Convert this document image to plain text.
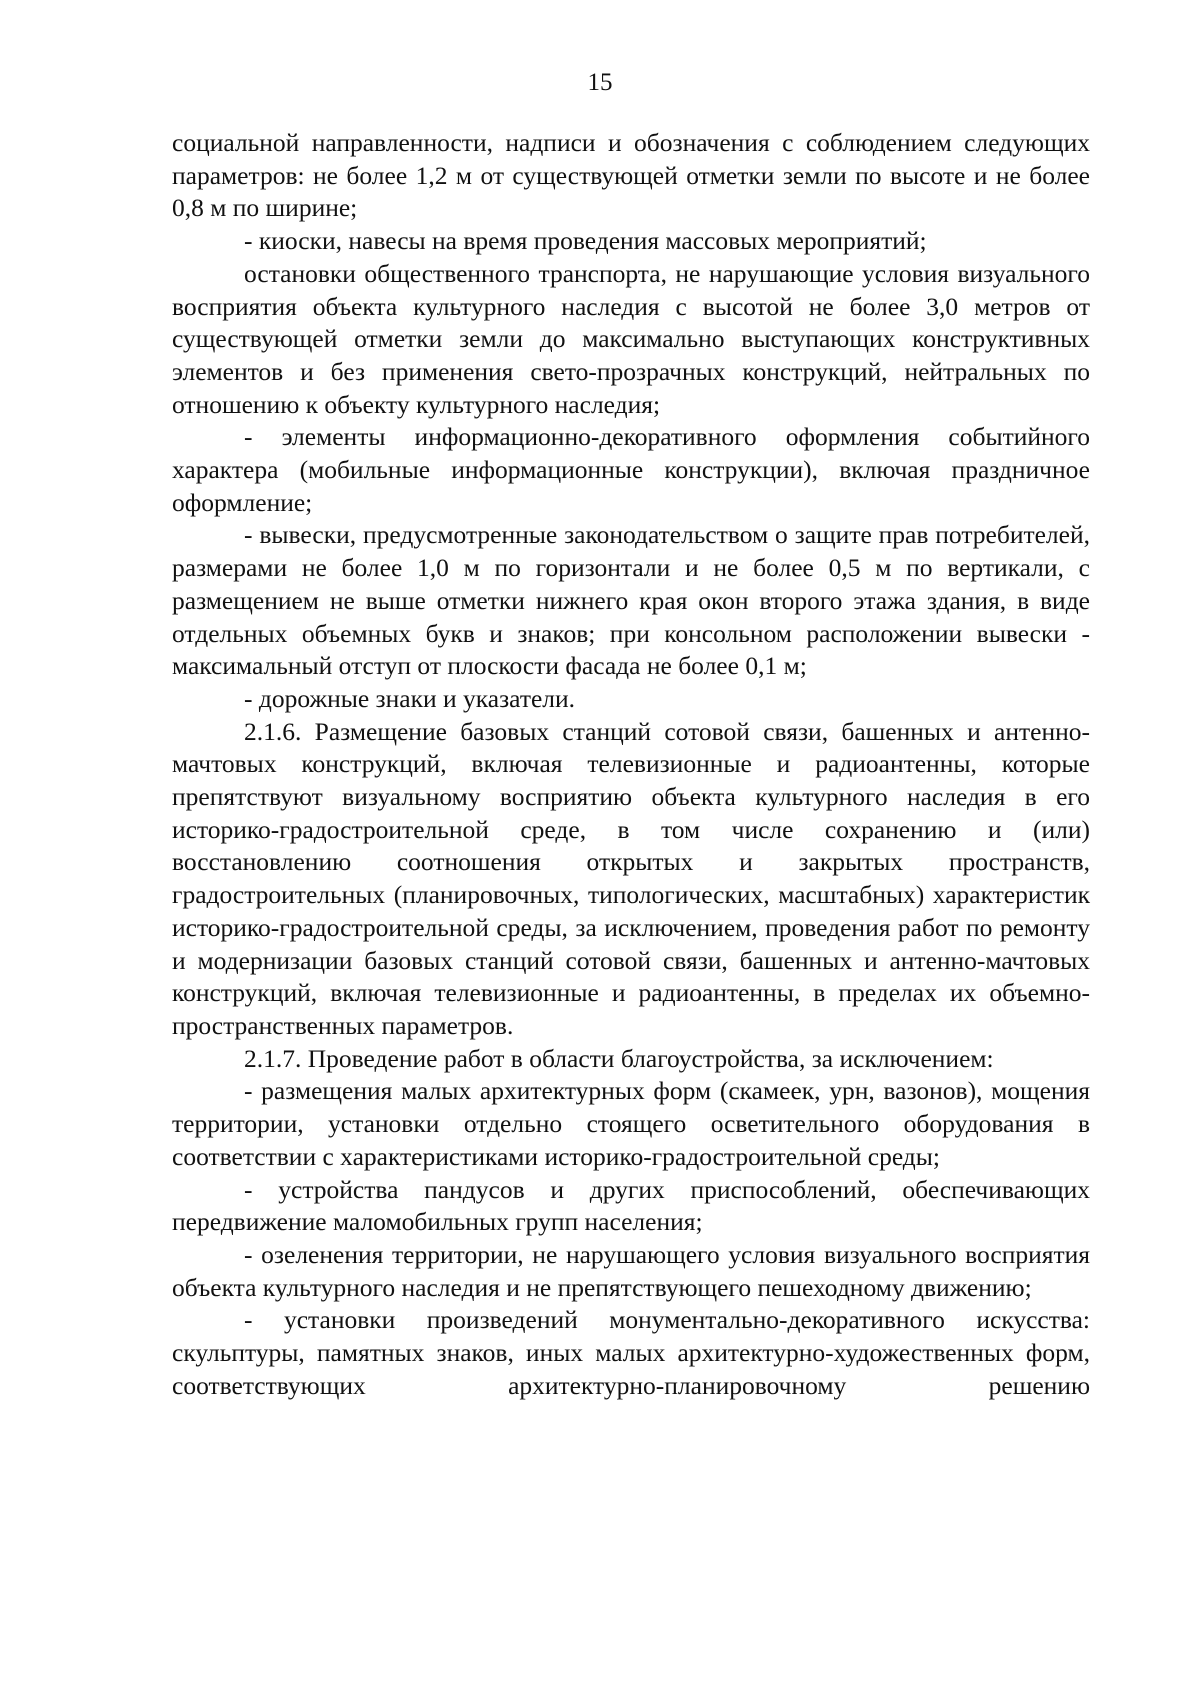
15

социальной направленности, надписи и обозначения с соблюдением следующих параметров: не более 1,2 м от существующей отметки земли по высоте и не более 0,8 м по ширине;

- киоски, навесы на время проведения массовых мероприятий;

остановки общественного транспорта, не нарушающие условия визуального восприятия объекта культурного наследия с высотой не более 3,0 метров от существующей отметки земли до максимально выступающих конструктивных элементов и без применения свето-прозрачных конструкций, нейтральных по отношению к объекту культурного наследия;

- элементы информационно-декоративного оформления событийного характера (мобильные информационные конструкции), включая праздничное оформление;

- вывески, предусмотренные законодательством о защите прав потребителей, размерами не более 1,0 м по горизонтали и не более 0,5 м по вертикали, с размещением не выше отметки нижнего края окон второго этажа здания, в виде отдельных объемных букв и знаков; при консольном расположении вывески - максимальный отступ от плоскости фасада не более 0,1 м;

- дорожные знаки и указатели.

2.1.6. Размещение базовых станций сотовой связи, башенных и антенно- мачтовых конструкций, включая телевизионные и радиоантенны, которые препятствуют визуальному восприятию объекта культурного наследия в его историко-градостроительной среде, в том числе сохранению и (или) восстановлению соотношения открытых и закрытых пространств, градостроительных (планировочных, типологических, масштабных) характеристик историко-градостроительной среды, за исключением, проведения работ по ремонту и модернизации базовых станций сотовой связи, башенных и антенно-мачтовых конструкций, включая телевизионные и радиоантенны, в пределах их объемно-пространственных параметров.

2.1.7. Проведение работ в области благоустройства, за исключением:

- размещения малых архитектурных форм (скамеек, урн, вазонов), мощения территории, установки отдельно стоящего осветительного оборудования в соответствии с характеристиками историко-градостроительной среды;

- устройства пандусов и других приспособлений, обеспечивающих передвижение маломобильных групп населения;

- озеленения территории, не нарушающего условия визуального восприятия объекта культурного наследия и не препятствующего пешеходному движению;

- установки произведений монументально-декоративного искусства: скульптуры, памятных знаков, иных малых архитектурно-художественных форм, соответствующих архитектурно-планировочному решению
